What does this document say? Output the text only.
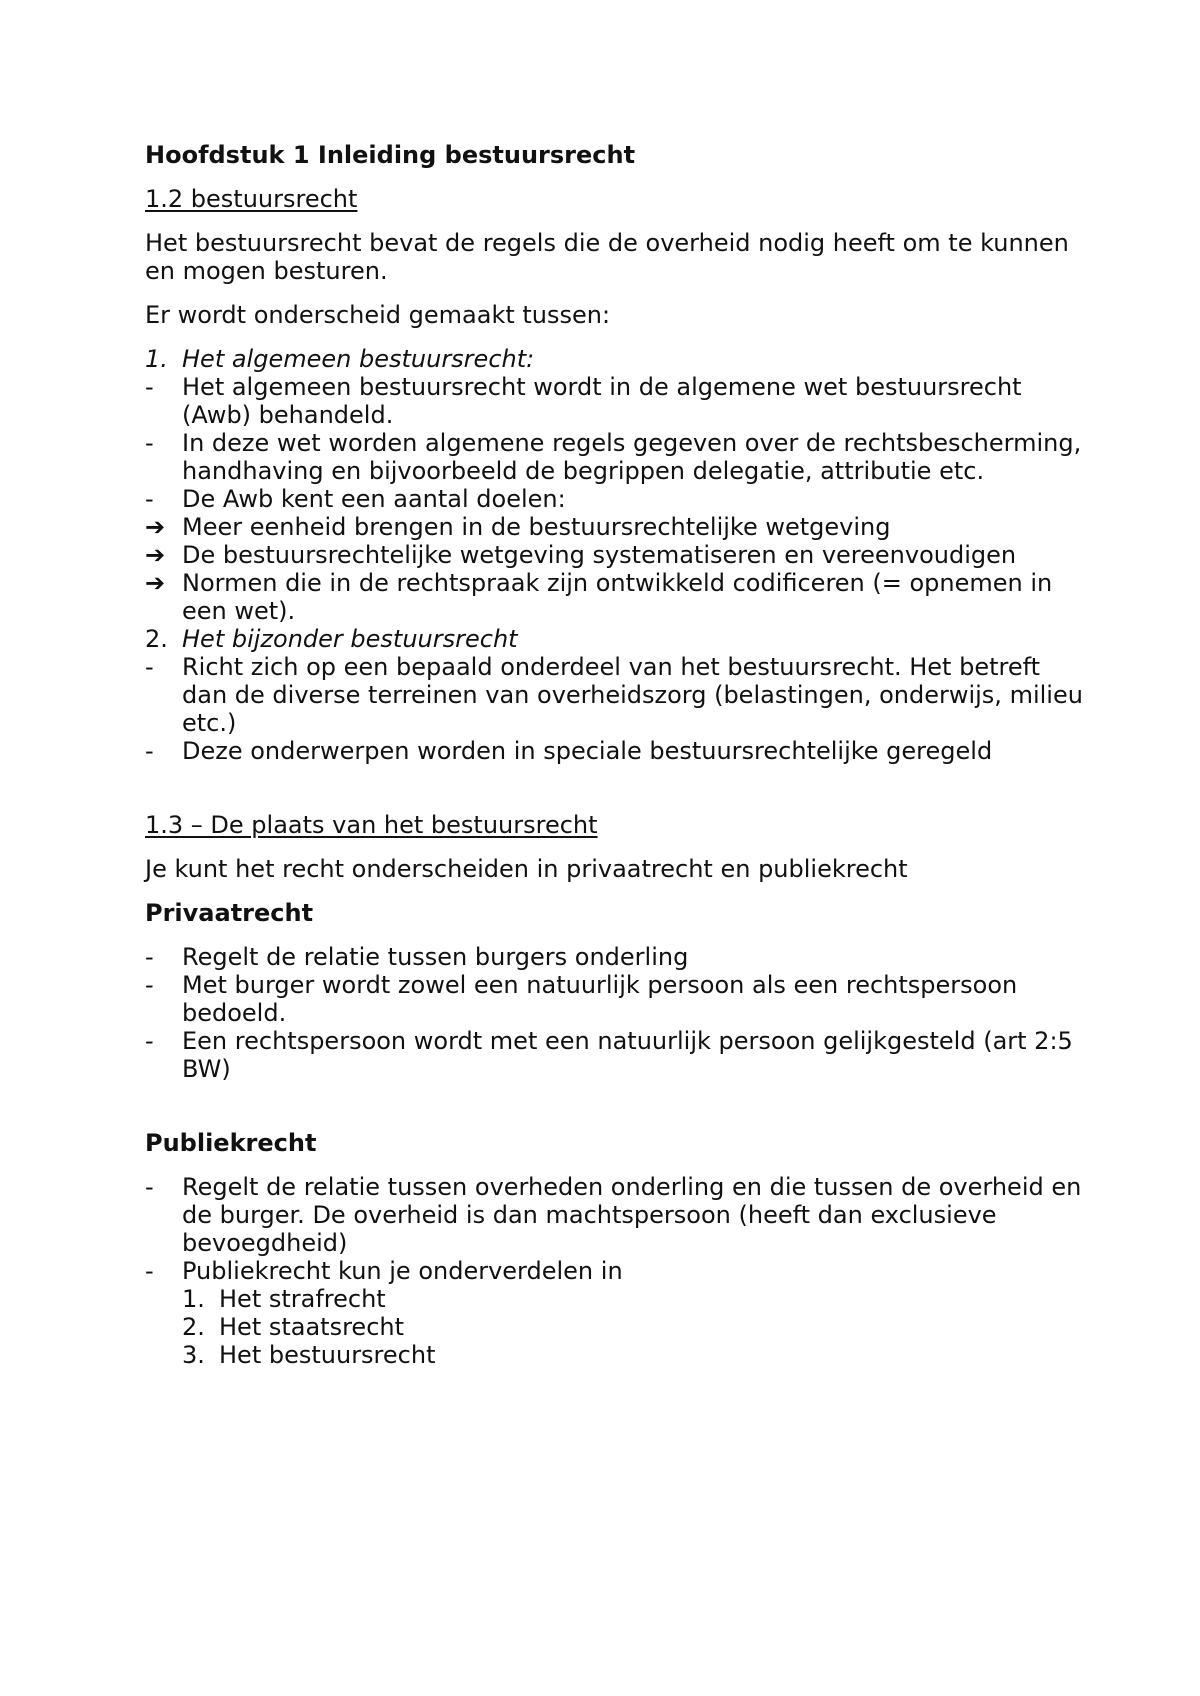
Hoofdstuk 1 Inleiding bestuursrecht

1.2 bestuursrecht

Het bestuursrecht bevat de regels die de overheid nodig heeft om te kunnen en mogen besturen.

Er wordt onderscheid gemaakt tussen:

1. Het algemeen bestuursrecht:
- Het algemeen bestuursrecht wordt in de algemene wet bestuursrecht (Awb) behandeld.
- In deze wet worden algemene regels gegeven over de rechtsbescherming, handhaving en bijvoorbeeld de begrippen delegatie, attributie etc.
- De Awb kent een aantal doelen:
➔ Meer eenheid brengen in de bestuursrechtelijke wetgeving
➔ De bestuursrechtelijke wetgeving systematiseren en vereenvoudigen
➔ Normen die in de rechtspraak zijn ontwikkeld codificeren (= opnemen in een wet).
2. Het bijzonder bestuursrecht
- Richt zich op een bepaald onderdeel van het bestuursrecht. Het betreft dan de diverse terreinen van overheidszorg (belastingen, onderwijs, milieu etc.)
- Deze onderwerpen worden in speciale bestuursrechtelijke geregeld

1.3 – De plaats van het bestuursrecht

Je kunt het recht onderscheiden in privaatrecht en publiekrecht

Privaatrecht

- Regelt de relatie tussen burgers onderling
- Met burger wordt zowel een natuurlijk persoon als een rechtspersoon bedoeld.
- Een rechtspersoon wordt met een natuurlijk persoon gelijkgesteld (art 2:5 BW)

Publiekrecht

- Regelt de relatie tussen overheden onderling en die tussen de overheid en de burger. De overheid is dan machtspersoon (heeft dan exclusieve bevoegdheid)
- Publiekrecht kun je onderverdelen in
1. Het strafrecht
2. Het staatsrecht
3. Het bestuursrecht
